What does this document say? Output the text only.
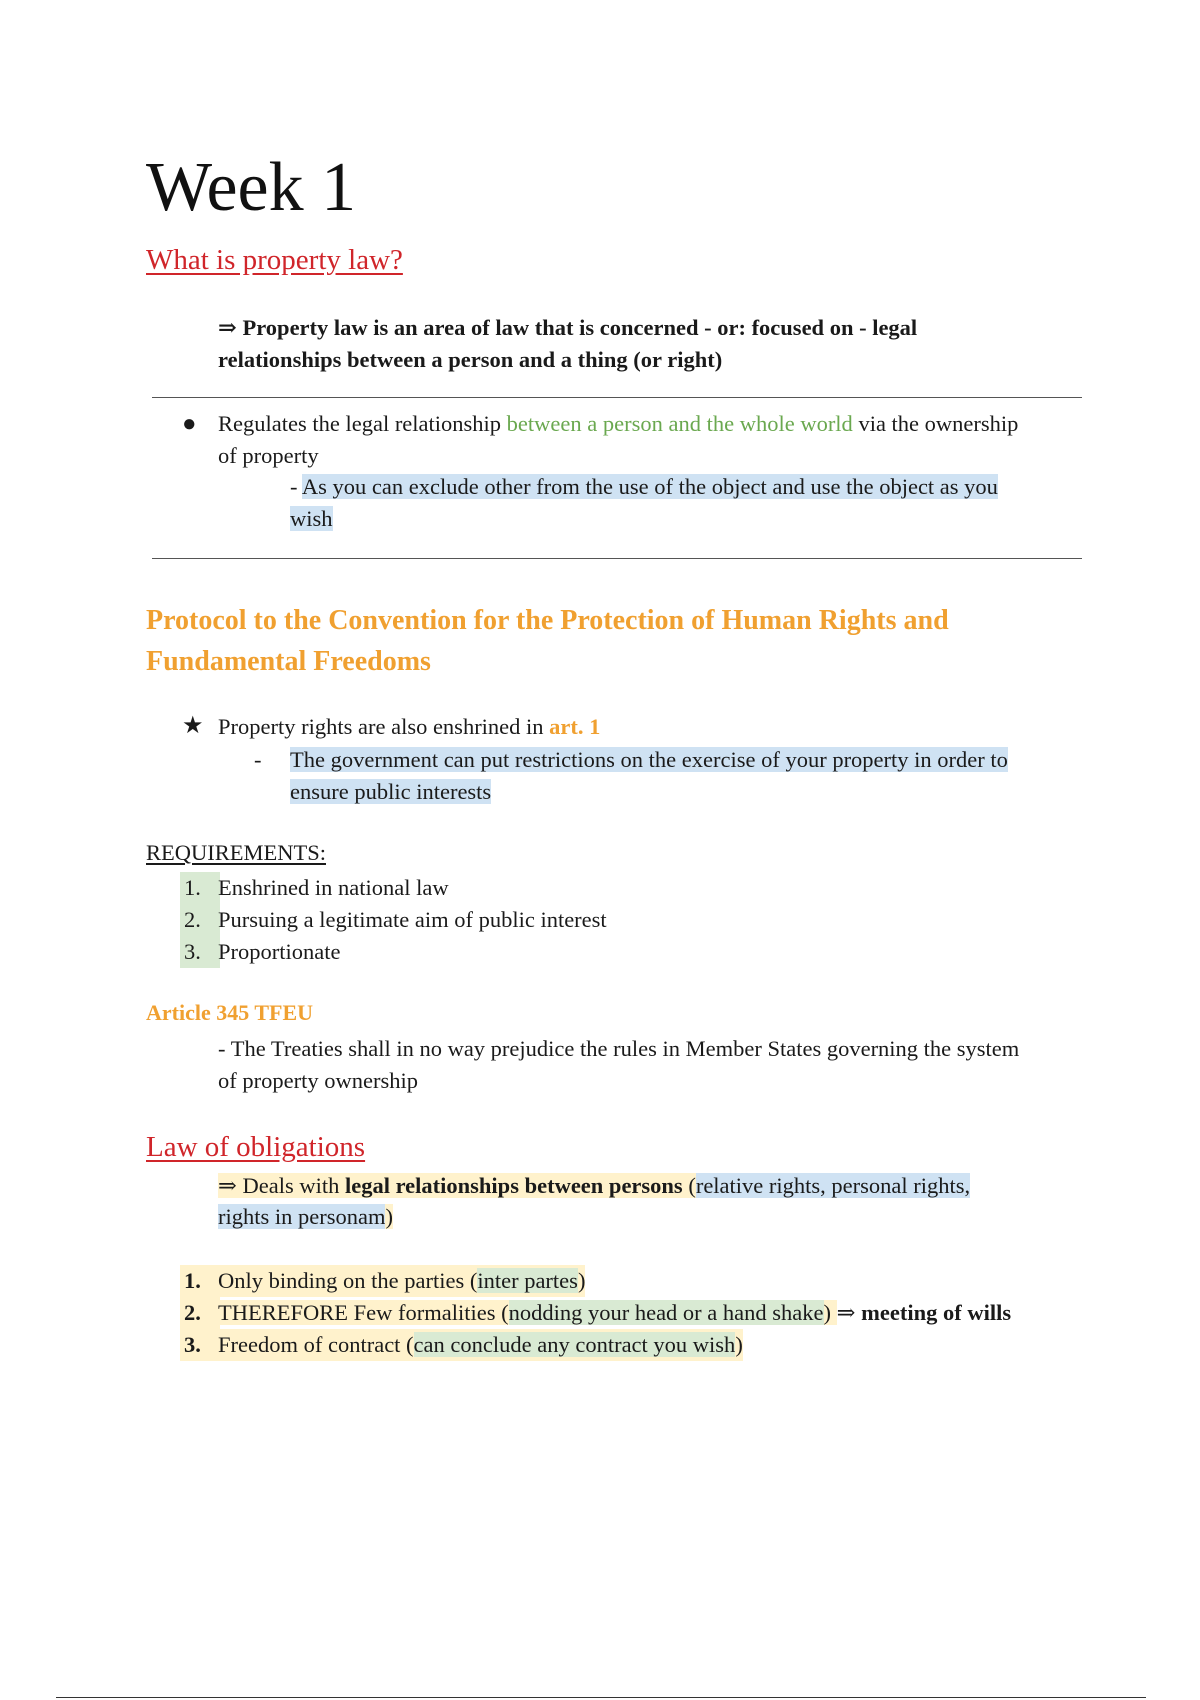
Week 1
What is property law?
⇒ Property law is an area of law that is concerned - or: focused on - legal
relationships between a person and a thing (or right)
● Regulates the legal relationship between a person and the whole world via the ownership
of property
- As you can exclude other from the use of the object and use the object as you
wish
Protocol to the Convention for the Protection of Human Rights and
Fundamental Freedoms
★ Property rights are also enshrined in art. 1
- The government can put restrictions on the exercise of your property in order to
ensure public interests
REQUIREMENTS:
1. Enshrined in national law
2. Pursuing a legitimate aim of public interest
3. Proportionate
Article 345 TFEU
- The Treaties shall in no way prejudice the rules in Member States governing the system
of property ownership
Law of obligations
⇒ Deals with legal relationships between persons (relative rights, personal rights,
rights in personam)
1. Only binding on the parties (inter partes)
2. THEREFORE Few formalities (nodding your head or a hand shake) ⇒ meeting of wills
3. Freedom of contract (can conclude any contract you wish)
